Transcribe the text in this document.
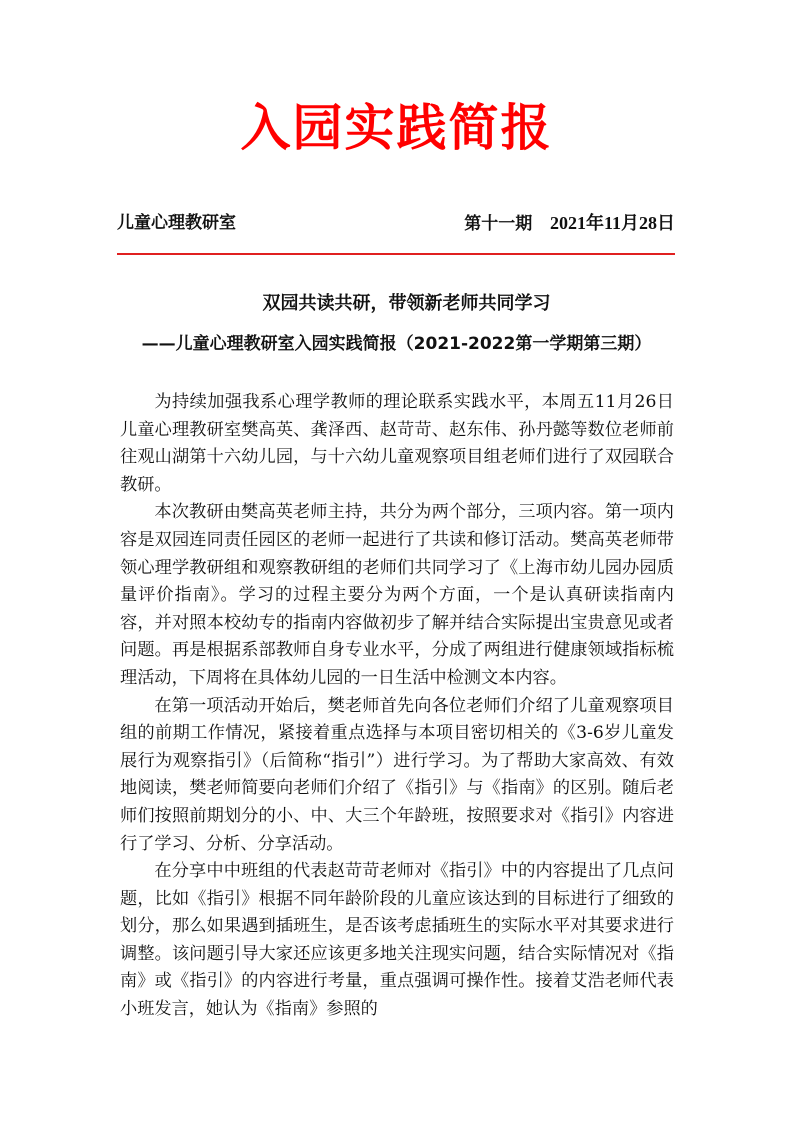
入园实践简报
儿童心理教研室	第十一期 2021年11月28日
双园共读共研，带领新老师共同学习
——儿童心理教研室入园实践简报（2021-2022第一学期第三期）

为持续加强我系心理学教师的理论联系实践水平，本周五11月26日儿童心理教研室樊高英、龚泽西、赵苛苛、赵东伟、孙丹懿等数位老师前往观山湖第十六幼儿园，与十六幼儿童观察项目组老师们进行了双园联合教研。

本次教研由樊高英老师主持，共分为两个部分，三项内容。第一项内容是双园连同责任园区的老师一起进行了共读和修订活动。樊高英老师带领心理学教研组和观察教研组的老师们共同学习了《上海市幼儿园办园质量评价指南》。学习的过程主要分为两个方面，一个是认真研读指南内容，并对照本校幼专的指南内容做初步了解并结合实际提出宝贵意见或者问题。再是根据系部教师自身专业水平，分成了两组进行健康领域指标梳理活动，下周将在具体幼儿园的一日生活中检测文本内容。

在第一项活动开始后，樊老师首先向各位老师们介绍了儿童观察项目组的前期工作情况，紧接着重点选择与本项目密切相关的《3-6岁儿童发展行为观察指引》（后简称“指引”）进行学习。为了帮助大家高效、有效地阅读，樊老师简要向老师们介绍了《指引》与《指南》的区别。随后老师们按照前期划分的小、中、大三个年龄班，按照要求对《指引》内容进行了学习、分析、分享活动。

在分享中中班组的代表赵苛苛老师对《指引》中的内容提出了几点问题，比如《指引》根据不同年龄阶段的儿童应该达到的目标进行了细致的划分，那么如果遇到插班生，是否该考虑插班生的实际水平对其要求进行调整。该问题引导大家还应该更多地关注现实问题，结合实际情况对《指南》或《指引》的内容进行考量，重点强调可操作性。接着艾浩老师代表小班发言，她认为《指南》参照的
